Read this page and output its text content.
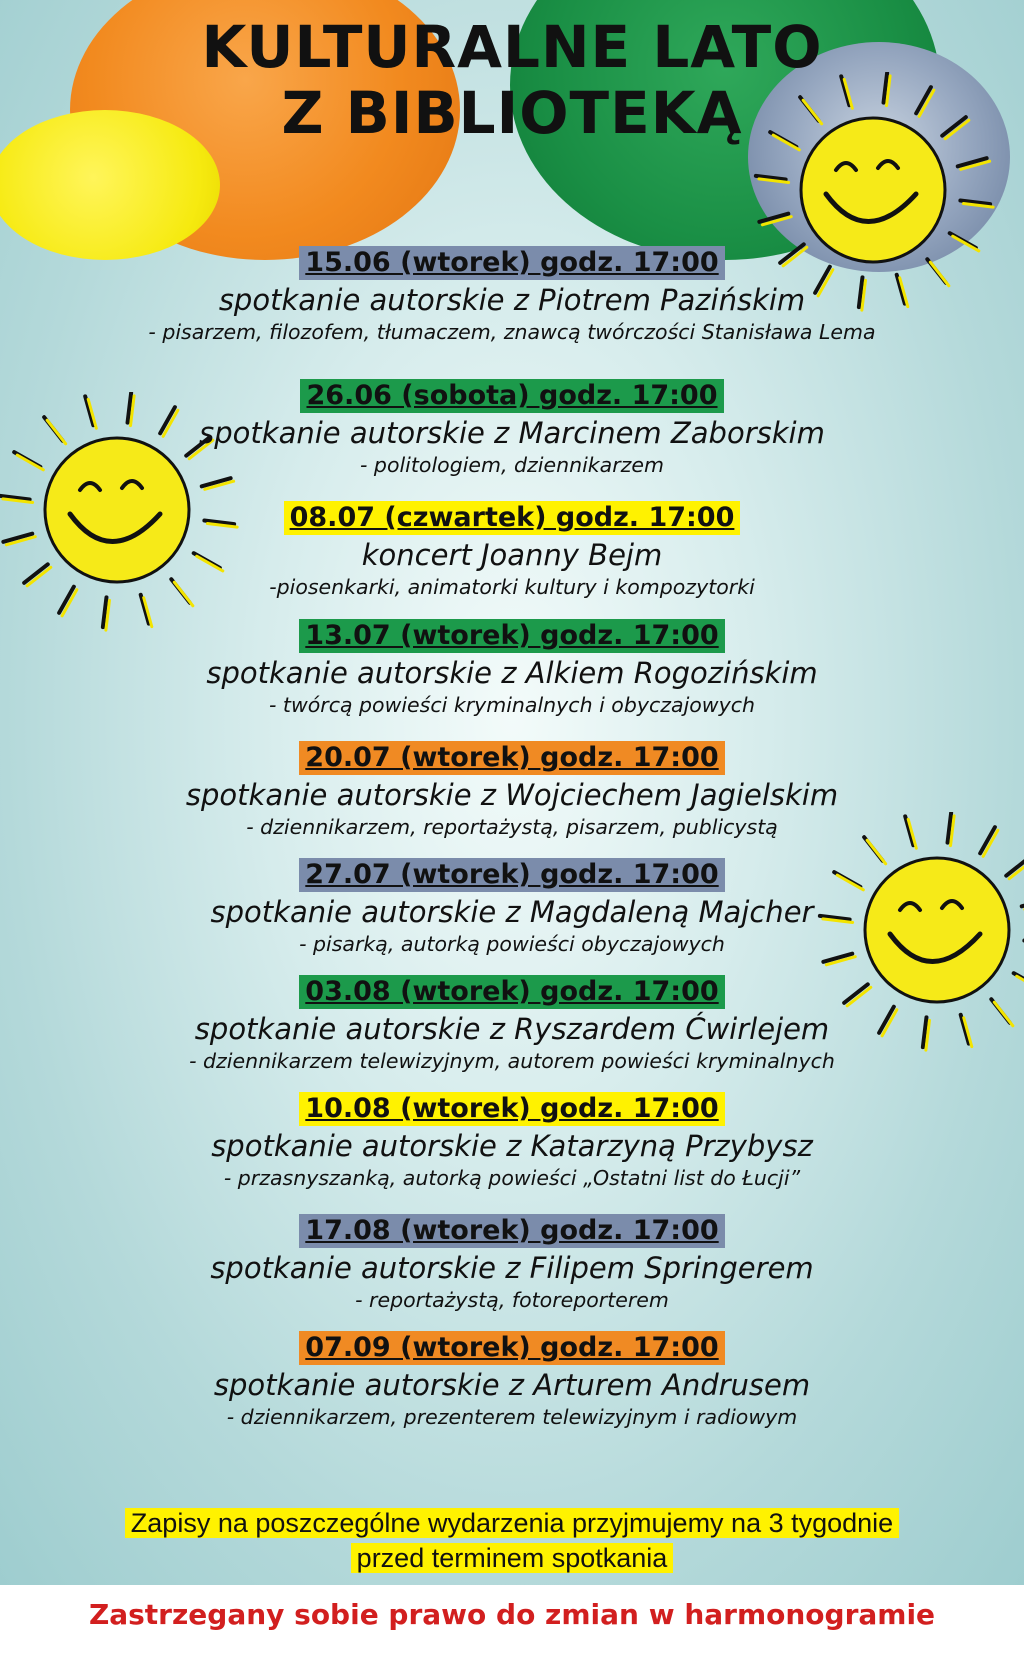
KULTURALNE LATO
Z BIBLIOTEKĄ
15.06 (wtorek) godz. 17:00
spotkanie autorskie z Piotrem Pazińskim
- pisarzem, filozofem, tłumaczem, znawcą twórczości Stanisława Lema
26.06 (sobota) godz. 17:00
spotkanie autorskie z Marcinem Zaborskim
- politologiem, dziennikarzem
08.07 (czwartek) godz. 17:00
koncert Joanny Bejm
-piosenkarki, animatorki kultury i kompozytorki
13.07 (wtorek) godz. 17:00
spotkanie autorskie z Alkiem Rogozińskim
- twórcą powieści kryminalnych i obyczajowych
20.07 (wtorek) godz. 17:00
spotkanie autorskie z Wojciechem Jagielskim
- dziennikarzem, reportażystą, pisarzem, publicystą
27.07 (wtorek) godz. 17:00
spotkanie autorskie z Magdaleną Majcher
- pisarką, autorką powieści obyczajowych
03.08 (wtorek) godz. 17:00
spotkanie autorskie z Ryszardem Ćwirlejem
- dziennikarzem telewizyjnym, autorem powieści kryminalnych
10.08 (wtorek) godz. 17:00
spotkanie autorskie z Katarzyną Przybysz
- przasnyszanką, autorką powieści „Ostatni list do Łucji”
17.08 (wtorek) godz. 17:00
spotkanie autorskie z Filipem Springerem
- reportażystą, fotoreporterem
07.09 (wtorek) godz. 17:00
spotkanie autorskie z Arturem Andrusem
- dziennikarzem, prezenterem telewizyjnym i radiowym
Zapisy na poszczególne wydarzenia przyjmujemy na 3 tygodnie
przed terminem spotkania
Zastrzegany sobie prawo do zmian w harmonogramie
